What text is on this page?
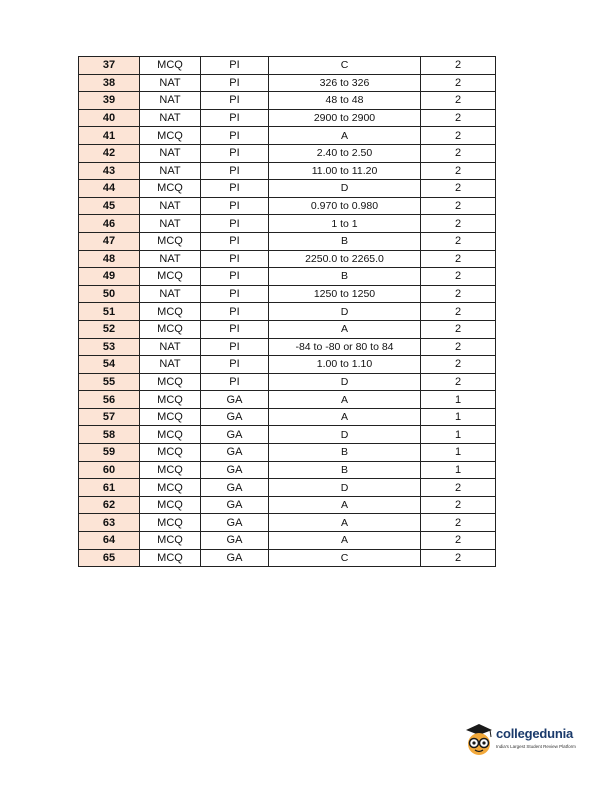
37	MCQ	PI	C	2
38	NAT	PI	326 to 326	2
39	NAT	PI	48 to 48	2
40	NAT	PI	2900 to 2900	2
41	MCQ	PI	A	2
42	NAT	PI	2.40 to 2.50	2
43	NAT	PI	11.00 to 11.20	2
44	MCQ	PI	D	2
45	NAT	PI	0.970 to 0.980	2
46	NAT	PI	1 to 1	2
47	MCQ	PI	B	2
48	NAT	PI	2250.0 to 2265.0	2
49	MCQ	PI	B	2
50	NAT	PI	1250 to 1250	2
51	MCQ	PI	D	2
52	MCQ	PI	A	2
53	NAT	PI	-84 to -80 or 80 to 84	2
54	NAT	PI	1.00 to 1.10	2
55	MCQ	PI	D	2
56	MCQ	GA	A	1
57	MCQ	GA	A	1
58	MCQ	GA	D	1
59	MCQ	GA	B	1
60	MCQ	GA	B	1
61	MCQ	GA	D	2
62	MCQ	GA	A	2
63	MCQ	GA	A	2
64	MCQ	GA	A	2
65	MCQ	GA	C	2
collegedunia
India's Largest Student Review Platform
